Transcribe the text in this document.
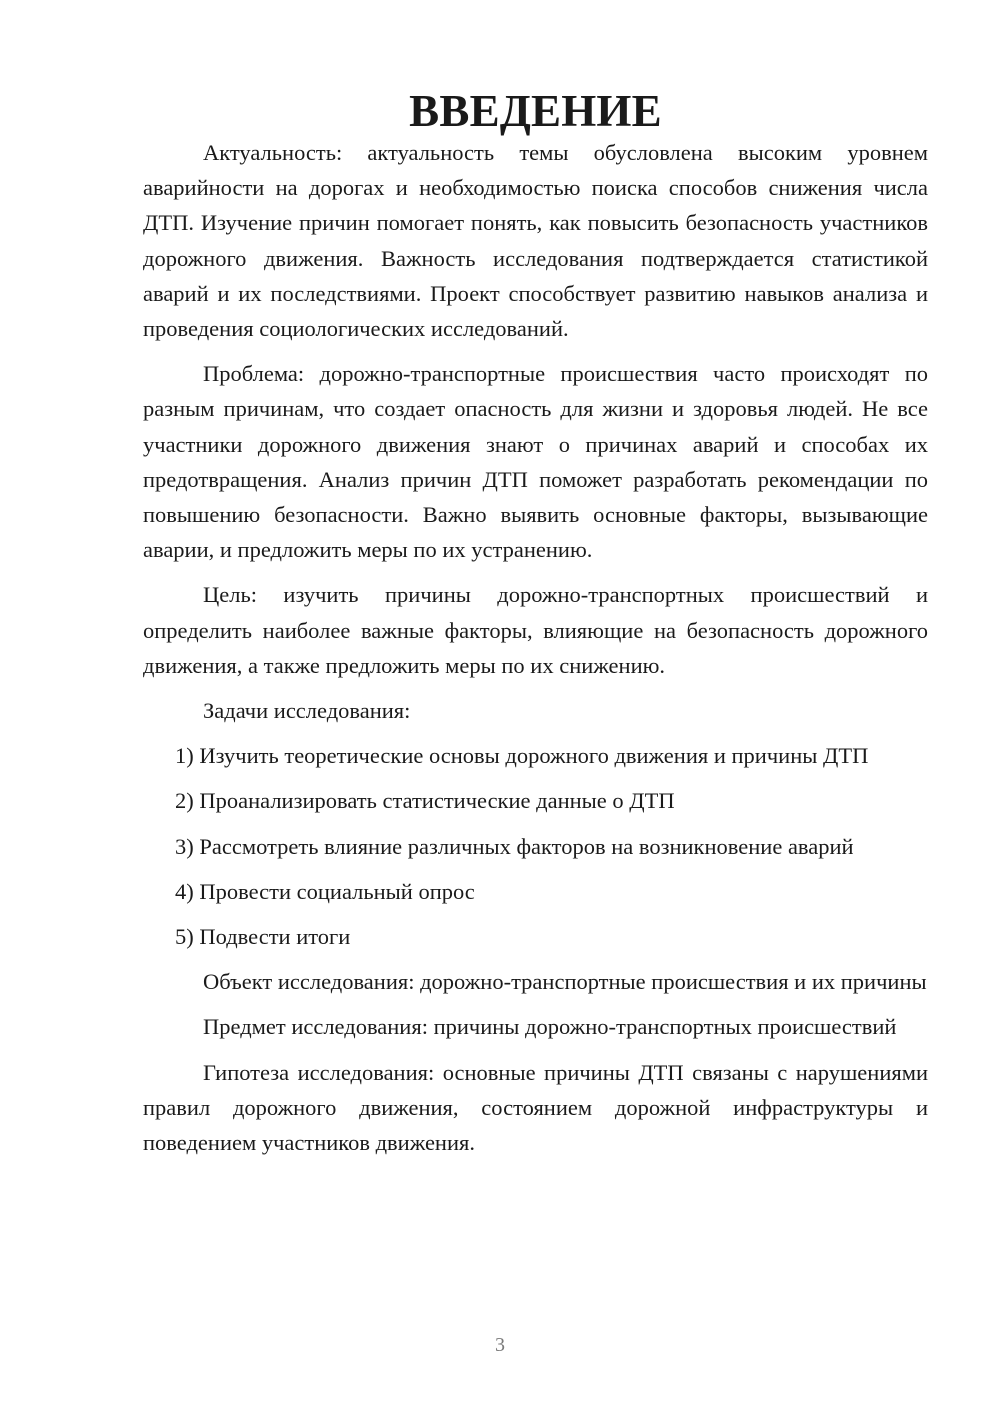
ВВЕДЕНИЕ

Актуальность: актуальность темы обусловлена высоким уровнем аварийности на дорогах и необходимостью поиска способов снижения числа ДТП. Изучение причин помогает понять, как повысить безопасность участников дорожного движения. Важность исследования подтверждается статистикой аварий и их последствиями. Проект способствует развитию навыков анализа и проведения социологических исследований.

Проблема: дорожно-транспортные происшествия часто происходят по разным причинам, что создает опасность для жизни и здоровья людей. Не все участники дорожного движения знают о причинах аварий и способах их предотвращения. Анализ причин ДТП поможет разработать рекомендации по повышению безопасности. Важно выявить основные факторы, вызывающие аварии, и предложить меры по их устранению.

Цель: изучить причины дорожно-транспортных происшествий и определить наиболее важные факторы, влияющие на безопасность дорожного движения, а также предложить меры по их снижению.

Задачи исследования:

1) Изучить теоретические основы дорожного движения и причины ДТП

2) Проанализировать статистические данные о ДТП

3) Рассмотреть влияние различных факторов на возникновение аварий

4) Провести социальный опрос

5) Подвести итоги

Объект исследования: дорожно-транспортные происшествия и их причины

Предмет исследования: причины дорожно-транспортных происшествий

Гипотеза исследования: основные причины ДТП связаны с нарушениями правил дорожного движения, состоянием дорожной инфраструктуры и поведением участников движения.

3
